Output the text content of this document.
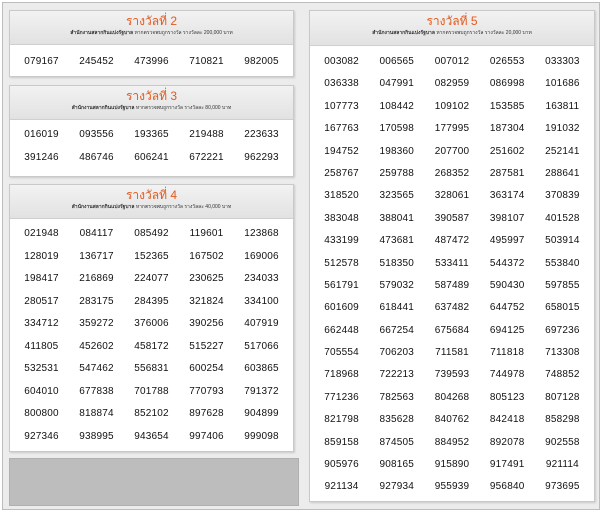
รางวัลที่ 2
สำนักงานสลากกินแบ่งรัฐบาล หากตรวจพบถูกรางวัล รางวัลละ 200,000 บาท
079167	245452	473996	710821	982005
รางวัลที่ 3
สำนักงานสลากกินแบ่งรัฐบาล หากตรวจพบถูกรางวัล รางวัลละ 80,000 บาท
016019	093556	193365	219488	223633
391246	486746	606241	672221	962293
รางวัลที่ 4
สำนักงานสลากกินแบ่งรัฐบาล หากตรวจพบถูกรางวัล รางวัลละ 40,000 บาท
021948	084117	085492	119601	123868
128019	136717	152365	167502	169006
198417	216869	224077	230625	234033
280517	283175	284395	321824	334100
334712	359272	376006	390256	407919
411805	452602	458172	515227	517066
532531	547462	556831	600254	603865
604010	677838	701788	770793	791372
800800	818874	852102	897628	904899
927346	938995	943654	997406	999098
รางวัลที่ 5
สำนักงานสลากกินแบ่งรัฐบาล หากตรวจพบถูกรางวัล รางวัลละ 20,000 บาท
003082	006565	007012	026553	033303
036338	047991	082959	086998	101686
107773	108442	109102	153585	163811
167763	170598	177995	187304	191032
194752	198360	207700	251602	252141
258767	259788	268352	287581	288641
318520	323565	328061	363174	370839
383048	388041	390587	398107	401528
433199	473681	487472	495997	503914
512578	518350	533411	544372	553840
561791	579032	587489	590430	597855
601609	618441	637482	644752	658015
662448	667254	675684	694125	697236
705554	706203	711581	711818	713308
718968	722213	739593	744978	748852
771236	782563	804268	805123	807128
821798	835628	840762	842418	858298
859158	874505	884952	892078	902558
905976	908165	915890	917491	921114
921134	927934	955939	956840	973695
